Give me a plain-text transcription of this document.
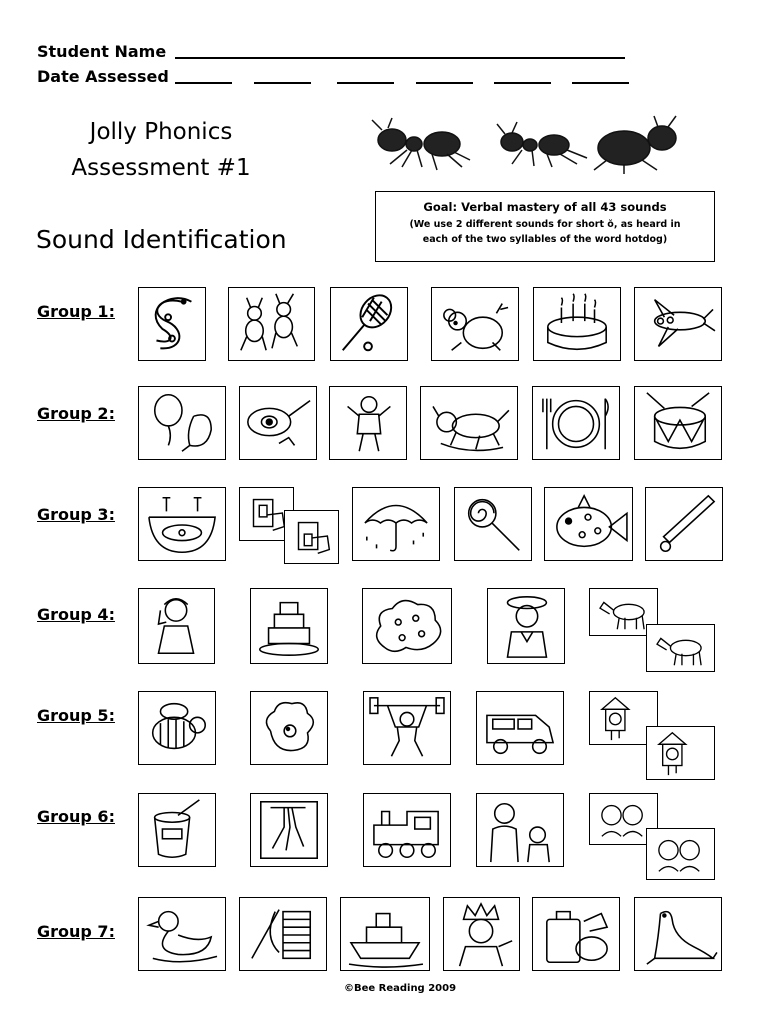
Student Name
Date Assessed
Jolly Phonics
Assessment #1
Goal: Verbal mastery of all 43 sounds
(We use 2 different sounds for short ŏ, as heard in
each of the two syllables of the word hotdog)
Sound Identification
Group 1:
Group 2:
Group 3:
Group 4:
Group 5:
Group 6:
Group 7:
©Bee Reading 2009
